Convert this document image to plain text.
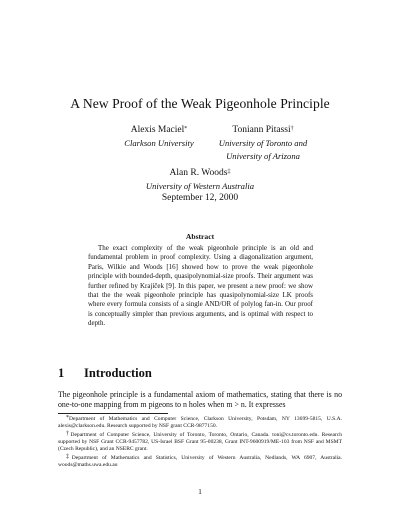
A New Proof of the Weak Pigeonhole Principle
Alexis Maciel*
Clarkson University
Toniann Pitassi†
University of Toronto and
University of Arizona
Alan R. Woods‡
University of Western Australia
September 12, 2000
Abstract
The exact complexity of the weak pigeonhole principle is an old and fundamental problem in proof complexity. Using a diagonalization argument, Paris, Wilkie and Woods [16] showed how to prove the weak pigeonhole principle with bounded-depth, quasipolynomial-size proofs. Their argument was further refined by Krajíček [9]. In this paper, we present a new proof: we show that the the weak pigeonhole principle has quasipolynomial-size LK proofs where every formula consists of a single AND/OR of polylog fan-in. Our proof is conceptually simpler than previous arguments, and is optimal with respect to depth.
1 Introduction
The pigeonhole principle is a fundamental axiom of mathematics, stating that there is no one-to-one mapping from m pigeons to n holes when m > n. It expresses

*Department of Mathematics and Computer Science, Clarkson University, Potsdam, NY 13699-5815, U.S.A. alexis@clarkson.edu. Research supported by NSF grant CCR-9877150.

†Department of Computer Science, University of Toronto, Toronto, Ontario, Canada. toni@cs.toronto.edu. Research supported by NSF Grant CCR-9457782, US-Israel BSF Grant 95-00238, Grant INT-9600919/ME-103 from NSF and MSMT (Czech Republic), and an NSERC grant.

‡Department of Mathematics and Statistics, University of Western Australia, Nedlands, WA 6907, Australia. woods@maths.uwa.edu.au

1
